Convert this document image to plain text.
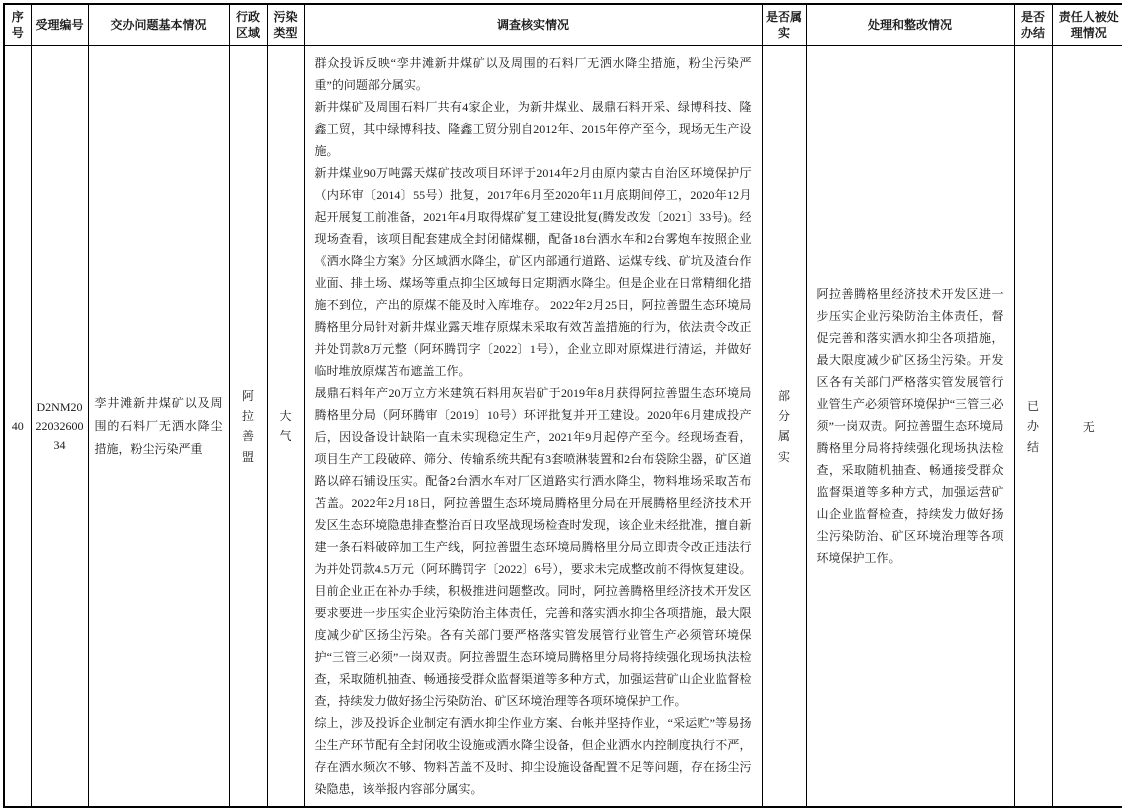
序号	受理编号	交办问题基本情况	行政区域	污染类型	调查核实情况	是否属实	处理和整改情况	是否办结	责任人被处理情况
40	D2NM202203260034	孪井滩新井煤矿以及周围的石料厂无洒水降尘措施，粉尘污染严重	阿拉善盟	大气	群众投诉反映“孪井滩新井煤矿以及周围的石料厂无洒水降尘措施，粉尘污染严重”的问题部分属实。

新井煤矿及周围石料厂共有4家企业，为新井煤业、晟鼎石料开采、绿博科技、隆鑫工贸，其中绿博科技、隆鑫工贸分别自2012年、2015年停产至今，现场无生产设施。

新井煤业90万吨露天煤矿技改项目环评于2014年2月由原内蒙古自治区环境保护厅（内环审〔2014〕55号）批复，2017年6月至2020年11月底期间停工，2020年12月起开展复工前准备，2021年4月取得煤矿复工建设批复(腾发改发〔2021〕33号)。经现场查看，该项目配套建成全封闭储煤棚，配备18台洒水车和2台雾炮车按照企业《洒水降尘方案》分区域洒水降尘，矿区内部通行道路、运煤专线、矿坑及渣台作业面、排土场、煤场等重点抑尘区域每日定期洒水降尘。但是企业在日常精细化措施不到位，产出的原煤不能及时入库堆存。 2022年2月25日，阿拉善盟生态环境局腾格里分局针对新井煤业露天堆存原煤未采取有效苫盖措施的行为，依法责令改正并处罚款8万元整（阿环腾罚字〔2022〕1号），企业立即对原煤进行清运，并做好临时堆放原煤苫布遮盖工作。

晟鼎石料年产20万立方米建筑石料用灰岩矿于2019年8月获得阿拉善盟生态环境局腾格里分局（阿环腾审〔2019〕10号）环评批复并开工建设。2020年6月建成投产后，因设备设计缺陷一直未实现稳定生产，2021年9月起停产至今。经现场查看，项目生产工段破碎、筛分、传输系统共配有3套喷淋装置和2台布袋除尘器，矿区道路以碎石铺设压实。配备2台洒水车对厂区道路实行洒水降尘，物料堆场采取苫布苫盖。2022年2月18日，阿拉善盟生态环境局腾格里分局在开展腾格里经济技术开发区生态环境隐患排查整治百日攻坚战现场检查时发现，该企业未经批准，擅自新建一条石料破碎加工生产线，阿拉善盟生态环境局腾格里分局立即责令改正违法行为并处罚款4.5万元（阿环腾罚字〔2022〕6号），要求未完成整改前不得恢复建设。目前企业正在补办手续，积极推进问题整改。同时，阿拉善腾格里经济技术开发区要求要进一步压实企业污染防治主体责任，完善和落实洒水抑尘各项措施，最大限度减少矿区扬尘污染。各有关部门要严格落实管发展管行业管生产必须管环境保护“三管三必须”一岗双责。阿拉善盟生态环境局腾格里分局将持续强化现场执法检查，采取随机抽查、畅通接受群众监督渠道等多种方式，加强运营矿山企业监督检查，持续发力做好扬尘污染防治、矿区环境治理等各项环境保护工作。

综上，涉及投诉企业制定有洒水抑尘作业方案、台帐并坚持作业，“采运贮”等易扬尘生产环节配有全封闭收尘设施或洒水降尘设备，但企业洒水内控制度执行不严，存在洒水频次不够、物料苫盖不及时、抑尘设施设备配置不足等问题，存在扬尘污染隐患，该举报内容部分属实。	部分属实	阿拉善腾格里经济技术开发区进一步压实企业污染防治主体责任，督促完善和落实洒水抑尘各项措施，最大限度减少矿区扬尘污染。开发区各有关部门严格落实管发展管行业管生产必须管环境保护“三管三必须”一岗双责。阿拉善盟生态环境局腾格里分局将持续强化现场执法检查，采取随机抽查、畅通接受群众监督渠道等多种方式，加强运营矿山企业监督检查，持续发力做好扬尘污染防治、矿区环境治理等各项环境保护工作。	已办结	无
